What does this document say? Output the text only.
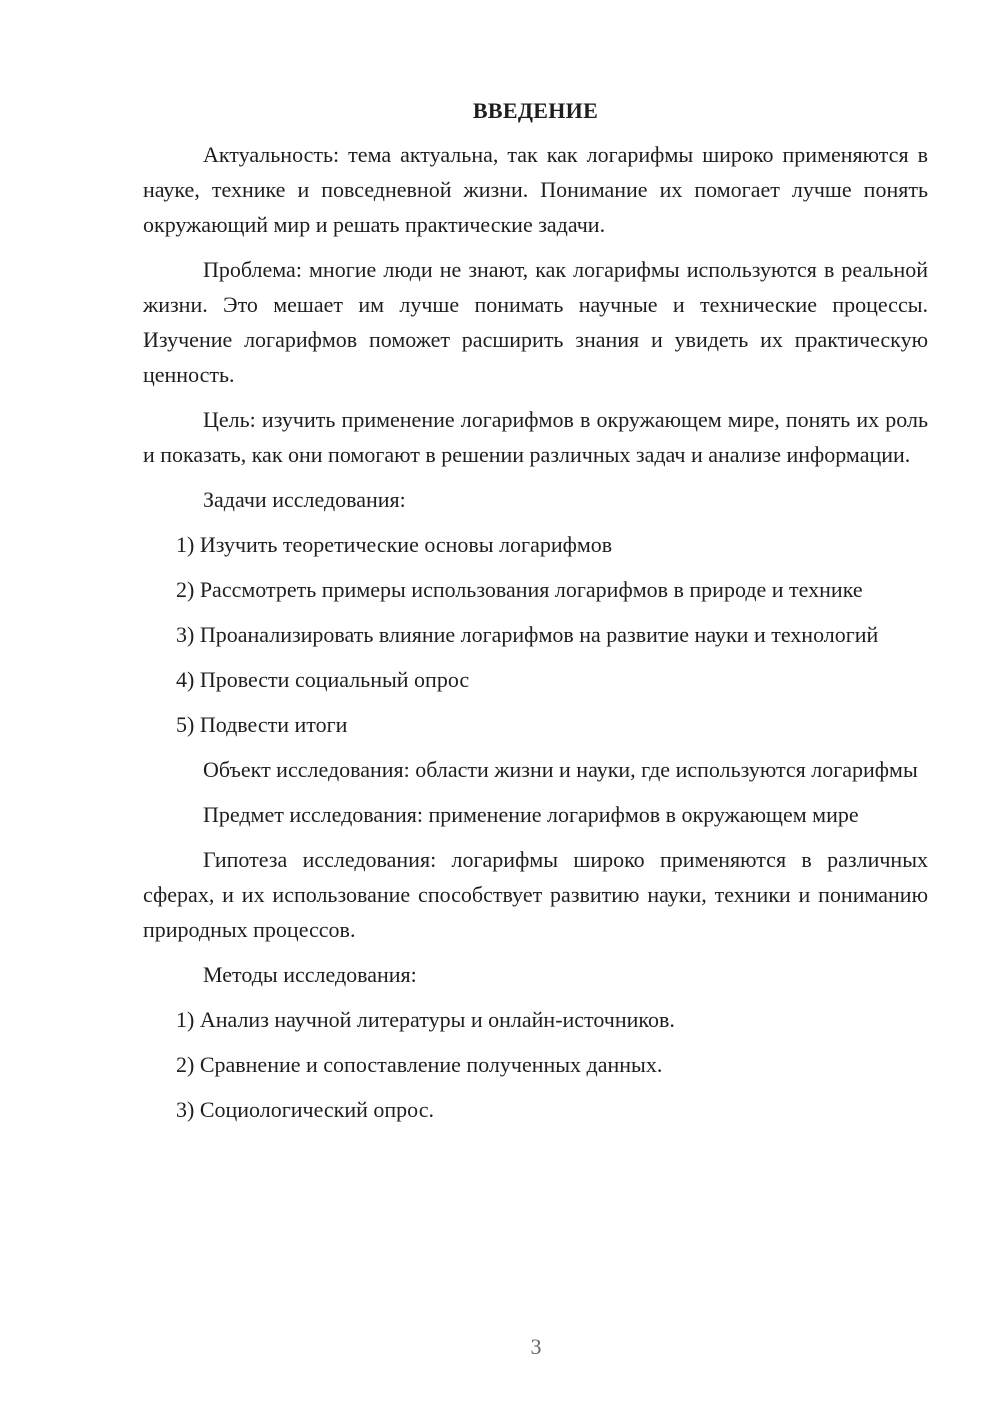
ВВЕДЕНИЕ

Актуальность: тема актуальна, так как логарифмы широко применяются в науке, технике и повседневной жизни. Понимание их помогает лучше понять окружающий мир и решать практические задачи.

Проблема: многие люди не знают, как логарифмы используются в реальной жизни. Это мешает им лучше понимать научные и технические процессы. Изучение логарифмов поможет расширить знания и увидеть их практическую ценность.

Цель: изучить применение логарифмов в окружающем мире, понять их роль и показать, как они помогают в решении различных задач и анализе информации.

Задачи исследования:

1) Изучить теоретические основы логарифмов

2) Рассмотреть примеры использования логарифмов в природе и технике

3) Проанализировать влияние логарифмов на развитие науки и технологий

4) Провести социальный опрос

5) Подвести итоги

Объект исследования: области жизни и науки, где используются логарифмы

Предмет исследования: применение логарифмов в окружающем мире

Гипотеза исследования: логарифмы широко применяются в различных сферах, и их использование способствует развитию науки, техники и пониманию природных процессов.

Методы исследования:

1) Анализ научной литературы и онлайн-источников.

2) Сравнение и сопоставление полученных данных.

3) Социологический опрос.

3
